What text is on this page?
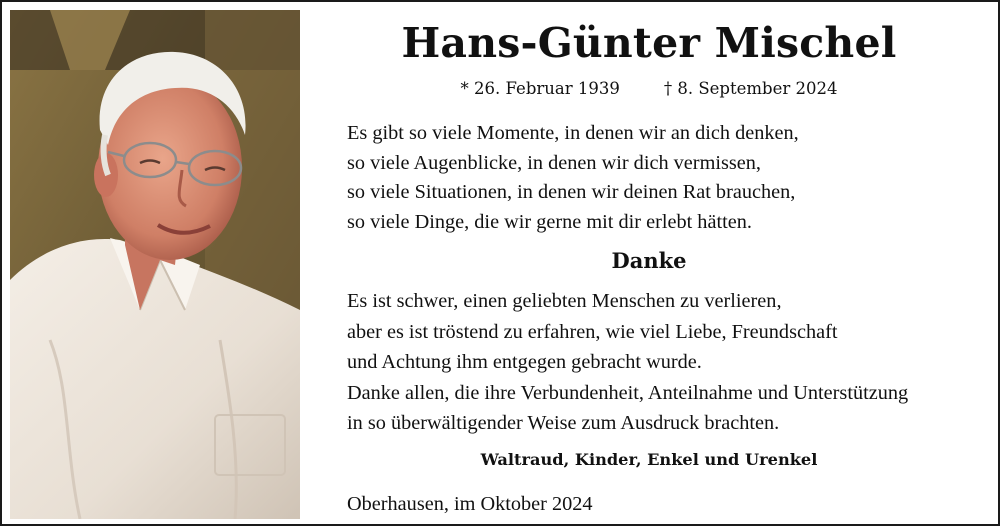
Hans-Günter Mischel
* 26. Februar 1939	† 8. September 2024

Es gibt so viele Momente, in denen wir an dich denken,
so viele Augenblicke, in denen wir dich vermissen,
so viele Situationen, in denen wir deinen Rat brauchen,
so viele Dinge, die wir gerne mit dir erlebt hätten.

Danke

Es ist schwer, einen geliebten Menschen zu verlieren,
aber es ist tröstend zu erfahren, wie viel Liebe, Freundschaft
und Achtung ihm entgegen gebracht wurde.
Danke allen, die ihre Verbundenheit, Anteilnahme und Unterstützung
in so überwältigender Weise zum Ausdruck brachten.

Waltraud, Kinder, Enkel und Urenkel
Oberhausen, im Oktober 2024
